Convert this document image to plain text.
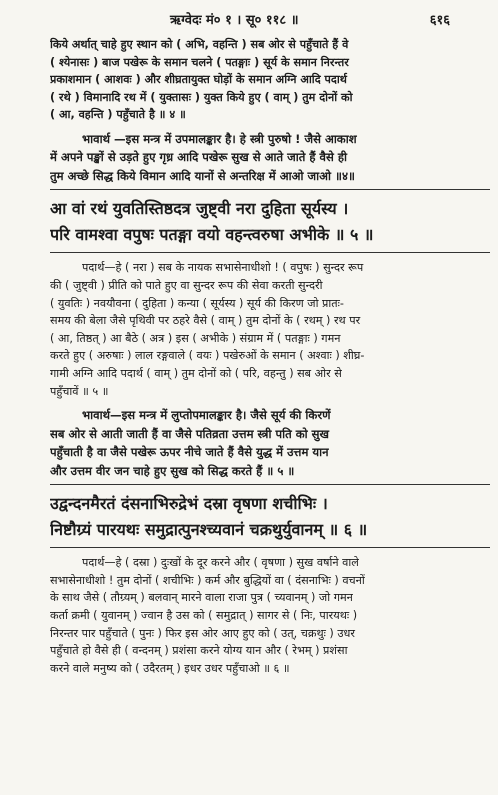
ऋग्वेदः मं० १ । सू० ११८ ॥	६१६
किये अर्थात् चाहे हुए स्थान को ( अभि, वहन्ति ) सब ओर से पहुँचाते हैं वे
( श्येनासः ) बाज पखेरू के समान चलने ( पतङ्गाः ) सूर्य के समान निरन्तर
प्रकाशमान ( आशवः ) और शीघ्रतायुक्त घोड़ों के समान अग्नि आदि पदार्थ
( रथे ) विमानादि रथ में ( युक्तासः ) युक्त किये हुए ( वाम् ) तुम दोनों को
( आ, वहन्ति ) पहुँचाते है ॥ ४ ॥
भावार्थ —इस मन्त्र में उपमालङ्कार है। हे स्त्री पुरुषो ! जैसे आकाश
में अपने पङ्खों से उड़ते हुए गृध्र आदि पखेरू सुख से आते जाते हैं वैसे ही
तुम अच्छे सिद्ध किये विमान आदि यानों से अन्तरिक्ष में आओ जाओ ॥४॥
आ वां रथं युवतिस्तिष्ठदत्र जुष्ट्वी नरा दुहिता सूर्यस्य ।
परि वामश्वा वपुषः पतङ्गा वयो वहन्त्वरुषा अभीके ॥ ५ ॥
पदार्थ—हे ( नरा ) सब के नायक सभासेनाधीशो ! ( वपुषः ) सुन्दर रूप
की ( जुष्ट्वी ) प्रीति को पाते हुए वा सुन्दर रूप की सेवा करती सुन्दरी
( युवतिः ) नवयौवना ( दुहिता ) कन्या ( सूर्यस्य ) सूर्य की किरण जो प्रातः-
समय की बेला जैसे पृथिवी पर ठहरे वैसे ( वाम् ) तुम दोनों के ( रथम् ) रथ पर
( आ, तिष्ठत् ) आ बैठे ( अत्र ) इस ( अभीके ) संग्राम में ( पतङ्गाः ) गमन
करते हुए ( अरुषाः ) लाल रङ्गवाले ( वयः ) पखेरुओं के समान ( अश्वाः ) शीघ्र-
गामी अग्नि आदि पदार्थ ( वाम् ) तुम दोनों को ( परि, वहन्तु ) सब ओर से
पहुँचावें ॥ ५ ॥
भावार्थ—इस मन्त्र में लुप्तोपमालङ्कार है। जैसे सूर्य की किरणें
सब ओर से आती जाती हैं वा जैसे पतिव्रता उत्तम स्त्री पति को सुख
पहुँचाती है वा जैसे पखेरू ऊपर नीचे जाते हैं वैसे युद्ध में उत्तम यान
और उत्तम वीर जन चाहे हुए सुख को सिद्ध करते हैं ॥ ५ ॥
उद्वन्दनमैरतं दंसनाभिरुद्रेभं दस्रा वृषणा शचीभिः ।
निष्टौग्र्यं पारयथः समुद्रात्पुनश्च्यवानं चक्रथुर्युवानम् ॥ ६ ॥
पदार्थ—हे ( दस्रा ) दुःखों के दूर करने और ( वृषणा ) सुख वर्षाने वाले
सभासेनाधीशो ! तुम दोनों ( शचीभिः ) कर्म और बुद्धियों वा ( दंसनाभिः ) वचनों
के साथ जैसे ( तौग्र्यम् ) बलवान् मारने वाला राजा पुत्र ( च्यवानम् ) जो गमन
कर्ता क्रमी ( युवानम् ) ज्वान है उस को ( समुद्रात् ) सागर से ( निः, पारयथः )
निरन्तर पार पहुँचाते ( पुनः ) फिर इस ओर आए हुए को ( उत्, चक्रथुः ) उधर
पहुँचाते हो वैसे ही ( वन्दनम् ) प्रशंसा करने योग्य यान और ( रेभम् ) प्रशंसा
करने वाले मनुष्य को ( उदैरतम् ) इधर उधर पहुँचाओ ॥ ६ ॥
